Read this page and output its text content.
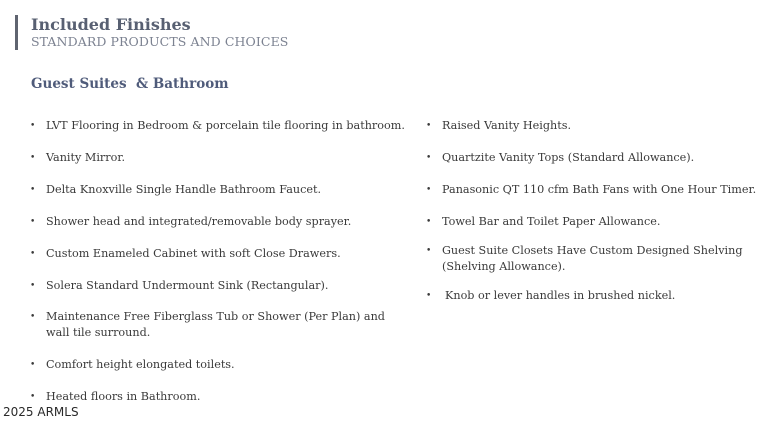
Included Finishes
STANDARD PRODUCTS AND CHOICES
Guest Suites  & Bathroom
• LVT Flooring in Bedroom & porcelain tile flooring in bathroom.
• Vanity Mirror.
• Delta Knoxville Single Handle Bathroom Faucet.
• Shower head and integrated/removable body sprayer.
• Custom Enameled Cabinet with soft Close Drawers.
• Solera Standard Undermount Sink (Rectangular).
• Maintenance Free Fiberglass Tub or Shower (Per Plan) and wall tile surround.
• Comfort height elongated toilets.
• Heated floors in Bathroom.
• Raised Vanity Heights.
• Quartzite Vanity Tops (Standard Allowance).
• Panasonic QT 110 cfm Bath Fans with One Hour Timer.
• Towel Bar and Toilet Paper Allowance.
• Guest Suite Closets Have Custom Designed Shelving (Shelving Allowance).
•	Knob or lever handles in brushed nickel.
2025 ARMLS
